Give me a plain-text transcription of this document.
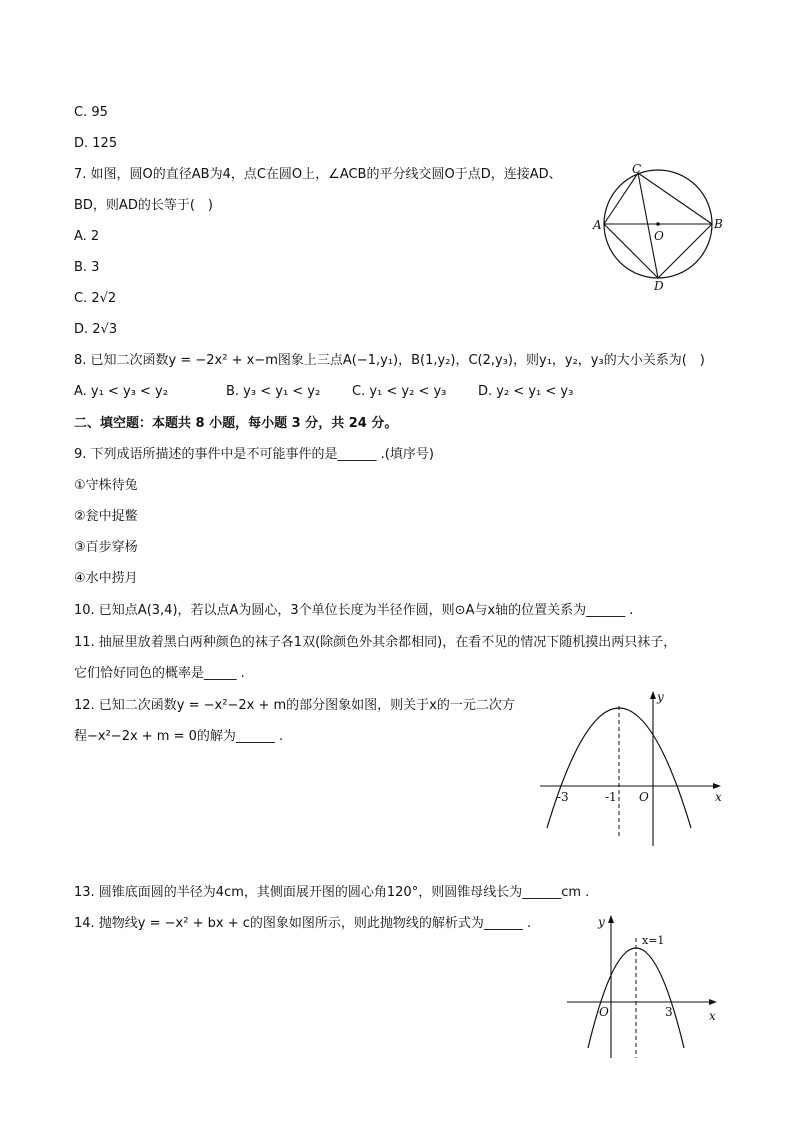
C. 95
D. 125
7. 如图，圆O的直径AB为4，点C在圆O上，∠ACB的平分线交圆O于点D，连接AD、
BD，则AD的长等于(　)
A. 2
B. 3
C. 2√2
D. 2√3
C
A
O
B
D
8. 已知二次函数y = −2x² + x−m图象上三点A(−1,y₁)，B(1,y₂)，C(2,y₃)，则y₁，y₂，y₃的大小关系为(　)
A. y₁ < y₃ < y₂	B. y₃ < y₁ < y₂ C. y₁ < y₂ < y₃ D. y₂ < y₁ < y₃
二、填空题：本题共 8 小题，每小题 3 分，共 24 分。
9. 下列成语所描述的事件中是不可能事件的是______ .(填序号)
①守株待兔
②瓮中捉鳖
③百步穿杨
④水中捞月
10. 已知点A(3,4)，若以点A为圆心，3个单位长度为半径作圆，则⊙A与x轴的位置关系为______ .
11. 抽屉里放着黑白两种颜色的袜子各1双(除颜色外其余都相同)，在看不见的情况下随机摸出两只袜子，
它们恰好同色的概率是_____ .
12. 已知二次函数y = −x²−2x + m的部分图象如图，则关于x的一元二次方
程−x²−2x + m = 0的解为______ .
y
x
-3	-1 O
13. 圆锥底面圆的半径为4cm，其侧面展开图的圆心角120°，则圆锥母线长为______cm .
14. 抛物线y = −x² + bx + c的图象如图所示，则此抛物线的解析式为______ .	y
x=1
x
O	3
